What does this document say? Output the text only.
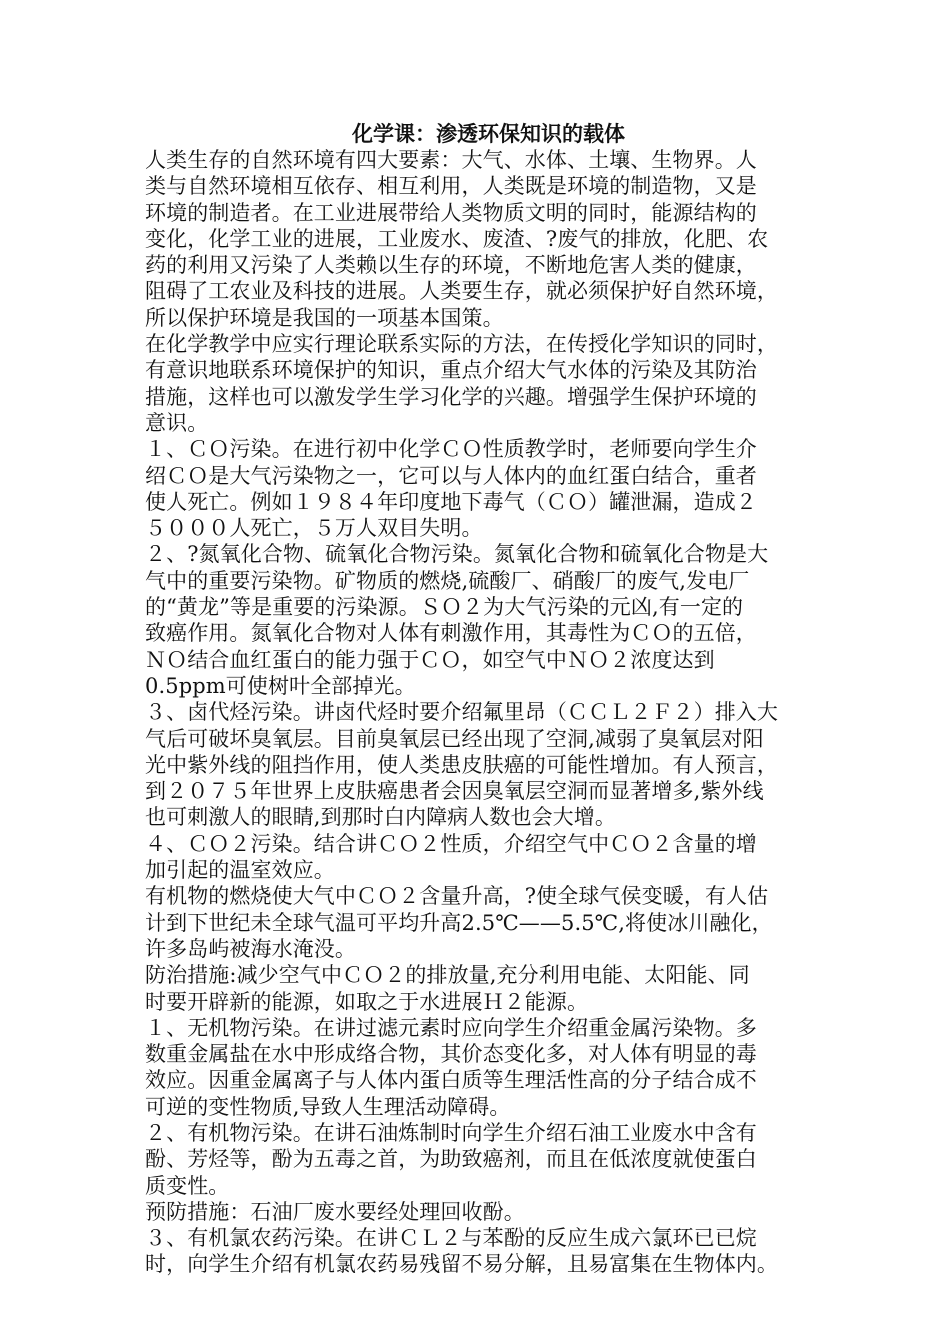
化学课：渗透环保知识的载体

人类生存的自然环境有四大要素：大气、水体、土壤、生物界。人
类与自然环境相互依存、相互利用，人类既是环境的制造物，又是
环境的制造者。在工业进展带给人类物质文明的同时，能源结构的
变化，化学工业的进展，工业废水、废渣、?废气的排放，化肥、农
药的利用又污染了人类赖以生存的环境，不断地危害人类的健康，
阻碍了工农业及科技的进展。人类要生存，就必须保护好自然环境，
所以保护环境是我国的一项基本国策。

在化学教学中应实行理论联系实际的方法，在传授化学知识的同时，
有意识地联系环境保护的知识，重点介绍大气水体的污染及其防治
措施，这样也可以激发学生学习化学的兴趣。增强学生保护环境的
意识。

１、ＣＯ污染。在进行初中化学ＣＯ性质教学时，老师要向学生介
绍ＣＯ是大气污染物之一，它可以与人体内的血红蛋白结合，重者
使人死亡。例如１９８４年印度地下毒气（ＣＯ）罐泄漏，造成２
５０００人死亡，５万人双目失明。

２、?氮氧化合物、硫氧化合物污染。氮氧化合物和硫氧化合物是大
气中的重要污染物。矿物质的燃烧,硫酸厂、硝酸厂的废气,发电厂
的“黄龙”等是重要的污染源。ＳＯ２为大气污染的元凶,有一定的
致癌作用。氮氧化合物对人体有刺激作用，其毒性为ＣＯ的五倍，
ＮＯ结合血红蛋白的能力强于ＣＯ，如空气中ＮＯ２浓度达到
0.5ppm可使树叶全部掉光。

３、卤代烃污染。讲卤代烃时要介绍氟里昂（ＣＣＬ２Ｆ２）排入大
气后可破坏臭氧层。目前臭氧层已经出现了空洞,减弱了臭氧层对阳
光中紫外线的阻挡作用，使人类患皮肤癌的可能性增加。有人预言，
到２０７５年世界上皮肤癌患者会因臭氧层空洞而显著增多,紫外线
也可刺激人的眼睛,到那时白内障病人数也会大增。

４、ＣＯ２污染。结合讲ＣＯ２性质，介绍空气中ＣＯ２含量的增
加引起的温室效应。

有机物的燃烧使大气中ＣＯ２含量升高，?使全球气侯变暖，有人估
计到下世纪未全球气温可平均升高2.5℃——5.5℃,将使冰川融化，
许多岛屿被海水淹没。

防治措施:减少空气中ＣＯ２的排放量,充分利用电能、太阳能、同
时要开辟新的能源，如取之于水进展Ｈ２能源。

１、无机物污染。在讲过滤元素时应向学生介绍重金属污染物。多
数重金属盐在水中形成络合物，其价态变化多，对人体有明显的毒
效应。因重金属离子与人体内蛋白质等生理活性高的分子结合成不
可逆的变性物质,导致人生理活动障碍。

２、有机物污染。在讲石油炼制时向学生介绍石油工业废水中含有
酚、芳烃等，酚为五毒之首，为助致癌剂，而且在低浓度就使蛋白
质变性。

预防措施：石油厂废水要经处理回收酚。

３、有机氯农药污染。在讲ＣＬ２与苯酚的反应生成六氯环已已烷
时，向学生介绍有机氯农药易残留不易分解，且易富集在生物体内。
